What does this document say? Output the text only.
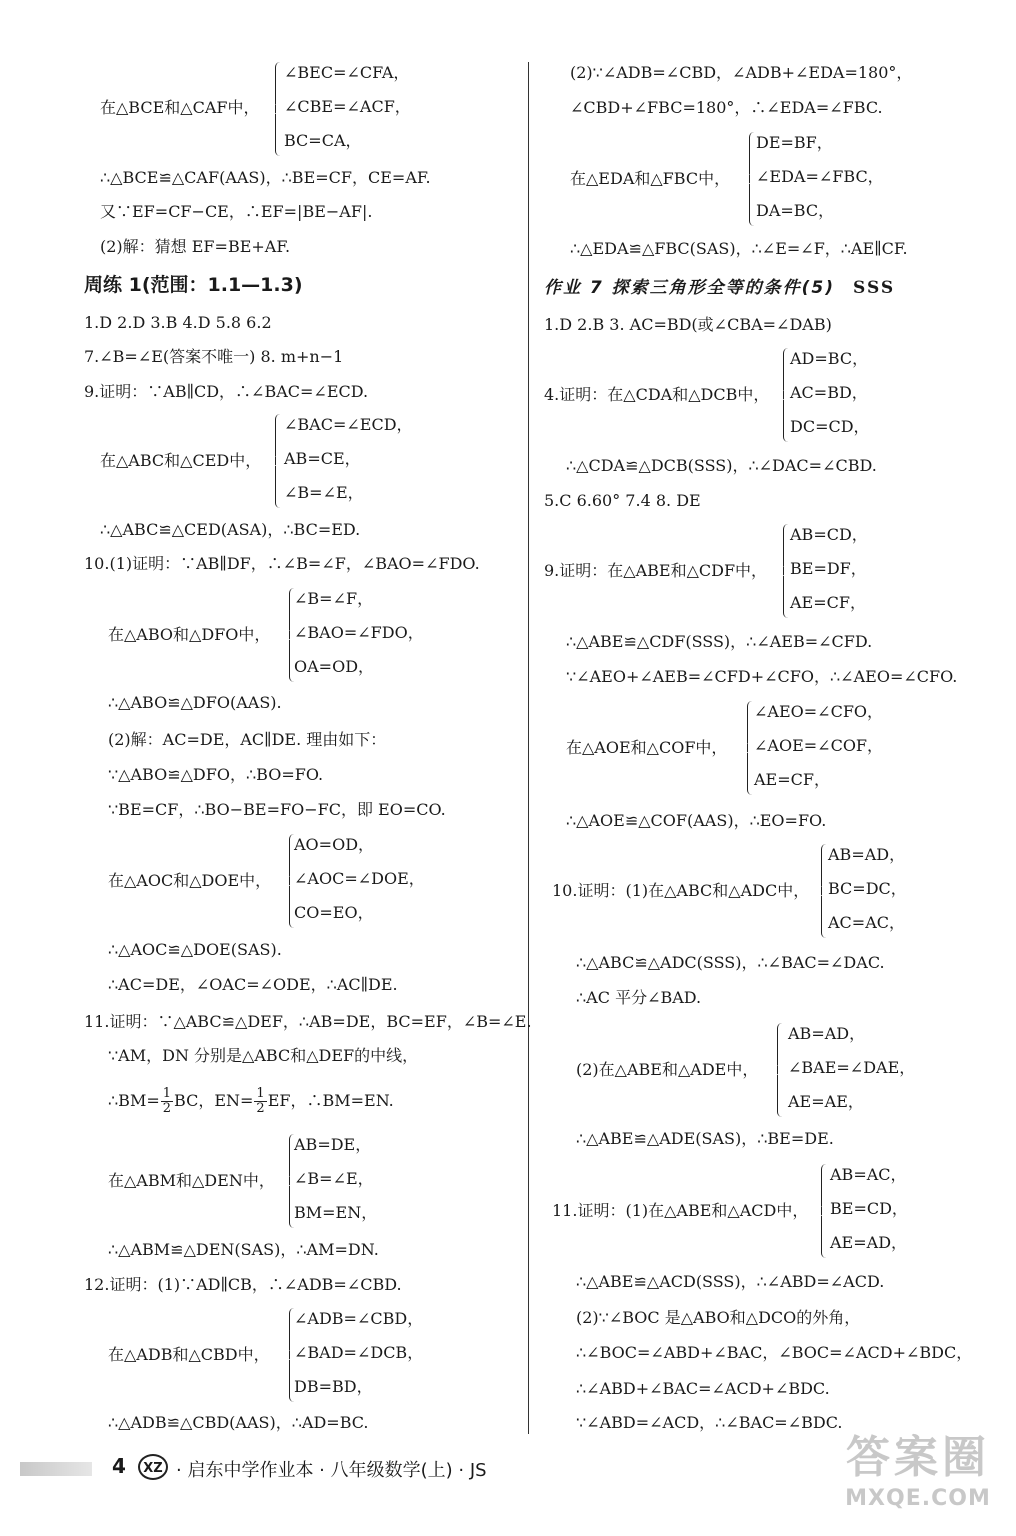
在△BCE和△CAF中，
∠BEC=∠CFA，
∠CBE=∠ACF，
BC=CA，
∴△BCE≌△CAF(AAS)，∴BE=CF，CE=AF.
又∵EF=CF−CE，∴EF=|BE−AF|.
(2)解：猜想 EF=BE+AF.
周练 1(范围：1.1—1.3)
1.D 2.D 3.B 4.D 5.8 6.2
7.∠B=∠E(答案不唯一) 8. m+n−1
9.证明：∵AB∥CD，∴∠BAC=∠ECD.
在△ABC和△CED中，
∠BAC=∠ECD，
AB=CE，
∠B=∠E，
∴△ABC≌△CED(ASA)，∴BC=ED.
10.(1)证明：∵AB∥DF，∴∠B=∠F，∠BAO=∠FDO.
在△ABO和△DFO中，
∠B=∠F，
∠BAO=∠FDO，
OA=OD，
∴△ABO≌△DFO(AAS).
(2)解：AC=DE，AC∥DE. 理由如下：
∵△ABO≌△DFO，∴BO=FO.
∵BE=CF，∴BO−BE=FO−FC，即 EO=CO.
在△AOC和△DOE中，
AO=OD，
∠AOC=∠DOE，
CO=EO，
∴△AOC≌△DOE(SAS).
∴AC=DE，∠OAC=∠ODE，∴AC∥DE.
11.证明：∵△ABC≌△DEF，∴AB=DE，BC=EF，∠B=∠E.
∵AM，DN 分别是△ABC和△DEF的中线，
∴BM= $\frac{1}{2}$ BC，$EN= \frac{1}{2}$ EF，∴BM=EN.
在△ABM和△DEN中，
AB=DE，
∠B=∠E，
BM=EN，
∴△ABM≌△DEN(SAS)，∴AM=DN.
12.证明：(1)∵AD∥CB，∴∠ADB=∠CBD.
在△ADB和△CBD中，
∠ADB=∠CBD，
∠BAD=∠DCB，
DB=BD，
∴△ADB≌△CBD(AAS)，∴AD=BC.
(2)∵∠ADB=∠CBD，∠ADB+∠EDA=180°，
∠CBD+∠FBC=180°，∴∠EDA=∠FBC.
在△EDA和△FBC中，
DE=BF，
∠EDA=∠FBC，
DA=BC，
∴△EDA≌△FBC(SAS)，∴∠E=∠F，∴AE∥CF.
作业 7 探索三角形全等的条件(5) SSS
1.D 2.B 3. AC=BD(或∠CBA=∠DAB)
4.证明：在△CDA和△DCB中，
AD=BC，
AC=BD，
DC=CD，
∴△CDA≌△DCB(SSS)，∴∠DAC=∠CBD.
5.C 6.60° 7.4 8. DE
9.证明：在△ABE和△CDF中，
AB=CD，
BE=DF，
AE=CF，
∴△ABE≌△CDF(SSS)，∴∠AEB=∠CFD.
∵∠AEO+∠AEB=∠CFD+∠CFO，∴∠AEO=∠CFO.
在△AOE和△COF中，
∠AEO=∠CFO，
∠AOE=∠COF，
AE=CF，
∴△AOE≌△COF(AAS)，∴EO=FO.
10.证明：(1)在△ABC和△ADC中，
AB=AD，
BC=DC，
AC=AC，
∴△ABC≌△ADC(SSS)，∴∠BAC=∠DAC.
∴AC 平分∠BAD.
(2)在△ABE和△ADE中，
AB=AD，
∠BAE=∠DAE，
AE=AE，
∴△ABE≌△ADE(SAS)，∴BE=DE.
11.证明：(1)在△ABE和△ACD中，
AB=AC，
BE=CD，
AE=AD，
∴△ABE≌△ACD(SSS)，∴∠ABD=∠ACD.
(2)∵∠BOC 是△ABO和△DCO的外角，
∴∠BOC=∠ABD+∠BAC，∠BOC=∠ACD+∠BDC，
∴∠ABD+∠BAC=∠ACD+∠BDC.
∵∠ABD=∠ACD，∴∠BAC=∠BDC.
4	XZ · 启东中学作业本 · 八年级数学(上) · JS	答案圈
MXQE.COM
